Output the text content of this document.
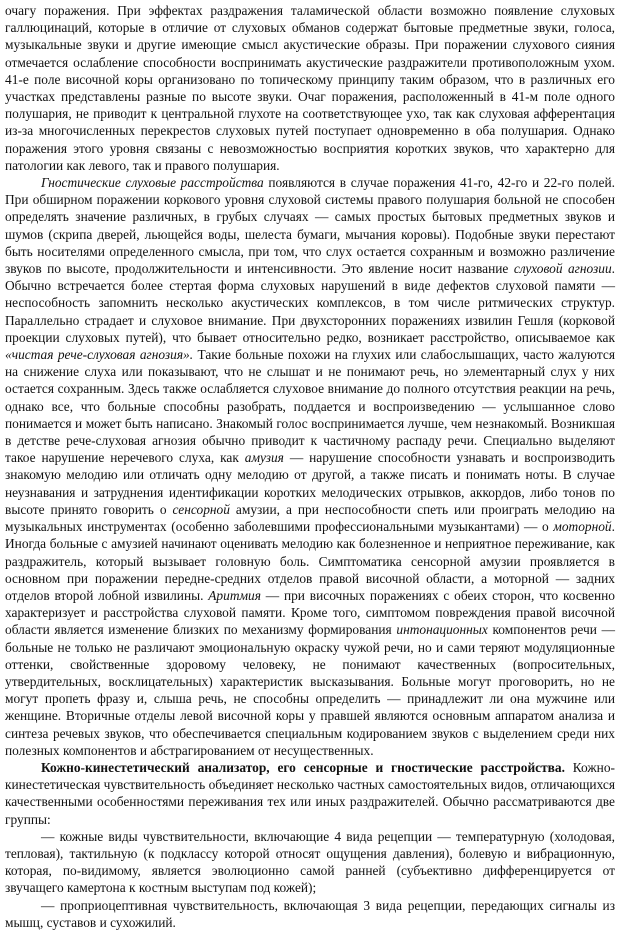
очагу поражения. При эффектах раздражения таламической области возможно появление слуховых галлюцинаций, которые в отличие от слуховых обманов содержат бытовые предметные звуки, голоса, музыкальные звуки и другие имеющие смысл акустические образы. При поражении слухового сияния отмечается ослабление способности воспринимать акустические раздражители противоположным ухом. 41-е поле височной коры организовано по топическому принципу таким образом, что в различных его участках представлены разные по высоте звуки. Очаг поражения, расположенный в 41-м поле одного полушария, не приводит к центральной глухоте на соответствующее ухо, так как слуховая афферентация из-за многочисленных перекрестов слуховых путей поступает одновременно в оба полушария. Однако поражения этого уровня связаны с невозможностью восприятия коротких звуков, что характерно для патологии как левого, так и правого полушария.

Гностические слуховые расстройства появляются в случае поражения 41-го, 42-го и 22-го полей. При обширном поражении коркового уровня слуховой системы правого полушария больной не способен определять значение различных, в грубых случаях — самых простых бытовых предметных звуков и шумов (скрипа дверей, льющейся воды, шелеста бумаги, мычания коровы). Подобные звуки перестают быть носителями определенного смысла, при том, что слух остается сохранным и возможно различение звуков по высоте, продолжительности и интенсивности. Это явление носит название слуховой агнозии. Обычно встречается более стертая форма слуховых нарушений в виде дефектов слуховой памяти — неспособность запомнить несколько акустических комплексов, в том числе ритмических структур. Параллельно страдает и слуховое внимание. При двухсторонних поражениях извилин Гешля (корковой проекции слуховых путей), что бывает относительно редко, возникает расстройство, описываемое как «чистая рече-слуховая агнозия». Такие больные похожи на глухих или слабослышащих, часто жалуются на снижение слуха или показывают, что не слышат и не понимают речь, но элементарный слух у них остается сохранным. Здесь также ослабляется слуховое внимание до полного отсутствия реакции на речь, однако все, что больные способны разобрать, поддается и воспроизведению — услышанное слово понимается и может быть написано. Знакомый голос воспринимается лучше, чем незнакомый. Возникшая в детстве рече-слуховая агнозия обычно приводит к частичному распаду речи. Специально выделяют такое нарушение неречевого слуха, как амузия — нарушение способности узнавать и воспроизводить знакомую мелодию или отличать одну мелодию от другой, а также писать и понимать ноты. В случае неузнавания и затруднения идентификации коротких мелодических отрывков, аккордов, либо тонов по высоте принято говорить о сенсорной амузии, а при неспособности спеть или проиграть мелодию на музыкальных инструментах (особенно заболевшими профессиональными музыкантами) — о моторной. Иногда больные с амузией начинают оценивать мелодию как болезненное и неприятное переживание, как раздражитель, который вызывает головную боль. Симптоматика сенсорной амузии проявляется в основном при поражении передне-средних отделов правой височной области, а моторной — задних отделов второй лобной извилины. Аритмия — при височных поражениях с обеих сторон, что косвенно характеризует и расстройства слуховой памяти. Кроме того, симптомом повреждения правой височной области является изменение близких по механизму формирования интонационных компонентов речи — больные не только не различают эмоциональную окраску чужой речи, но и сами теряют модуляционные оттенки, свойственные здоровому человеку, не понимают качественных (вопросительных, утвердительных, восклицательных) характеристик высказывания. Больные могут проговорить, но не могут пропеть фразу и, слыша речь, не способны определить — принадлежит ли она мужчине или женщине. Вторичные отделы левой височной коры у правшей являются основным аппаратом анализа и синтеза речевых звуков, что обеспечивается специальным кодированием звуков с выделением среди них полезных компонентов и абстрагированием от несущественных.

Кожно-кинестетический анализатор, его сенсорные и гностические расстройства. Кожно-кинестетическая чувствительность объединяет несколько частных самостоятельных видов, отличающихся качественными особенностями переживания тех или иных раздражителей. Обычно рассматриваются две группы:

— кожные виды чувствительности, включающие 4 вида рецепции — температурную (холодовая, тепловая), тактильную (к подклассу которой относят ощущения давления), болевую и вибрационную, которая, по-видимому, является эволюционно самой ранней (субъективно дифференцируется от звучащего камертона к костным выступам под кожей);

— проприоцептивная чувствительность, включающая 3 вида рецепции, передающих сигналы из мышц, суставов и сухожилий.
